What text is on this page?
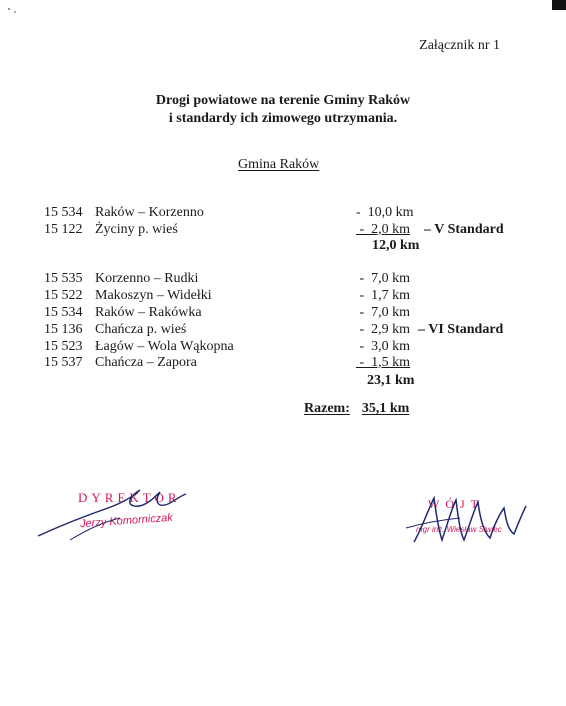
Załącznik nr 1
Drogi powiatowe na terenie Gminy Raków
i standardy ich zimowego utrzymania.
Gmina Raków
15 534 Raków – Korzenno	-  10,0 km
15 122 Życiny p. wieś	-  2,0 km – V Standard
12,0 km
15 535 Korzenno – Rudki	-  7,0 km
15 522 Makoszyn – Widełki	-  1,7 km
15 534 Raków – Rakówka	-  7,0 km
15 136 Chańcza p. wieś	-  2,9 km – VI Standard
15 523 Łagów – Wola Wąkopna	-  3,0 km
15 537 Chańcza – Zapora	-  1,5 km
23,1 km
Razem: 35,1 km
DYREKTOR
Jerzy Komorniczak
WÓJT
mgr inż. Wiesław Siwiec
